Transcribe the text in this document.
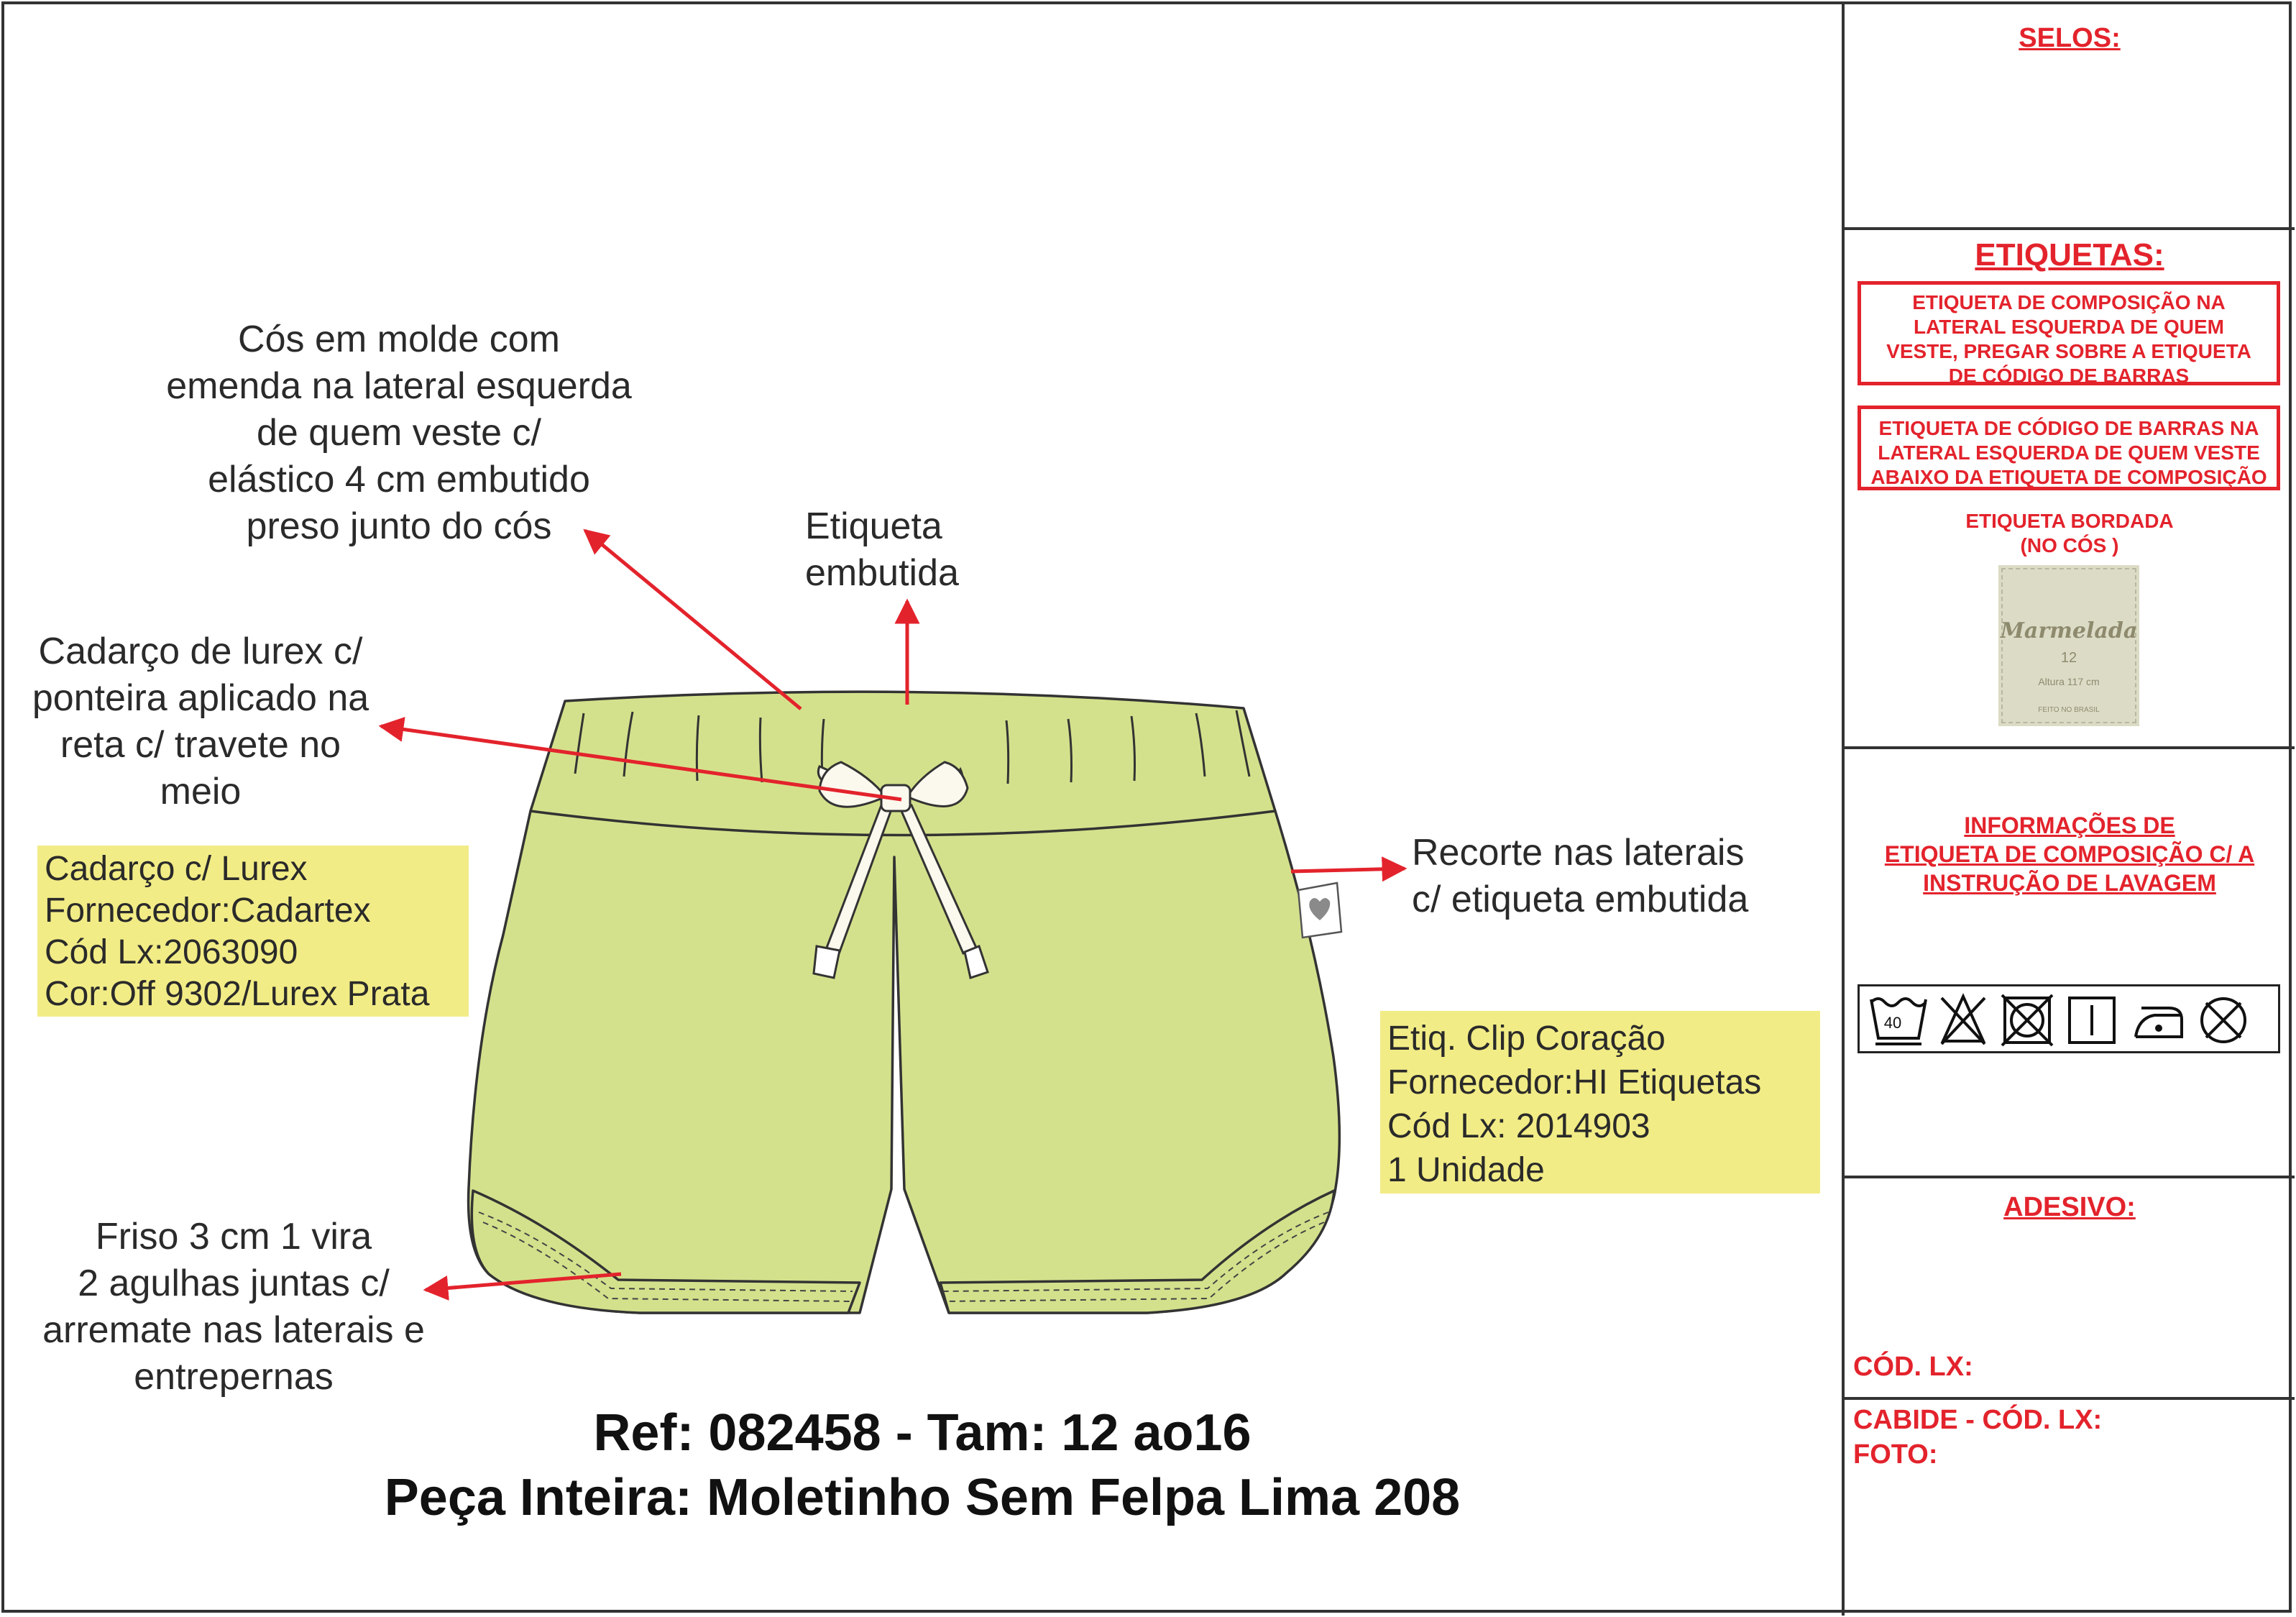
SELOS:
ETIQUETAS:
ETIQUETA DE COMPOSIÇÃO NA LATERAL ESQUERDA DE QUEM VESTE, PREGAR SOBRE A ETIQUETA DE CÓDIGO DE BARRAS
ETIQUETA DE CÓDIGO DE BARRAS NA LATERAL ESQUERDA DE QUEM VESTE ABAIXO DA ETIQUETA DE COMPOSIÇÃO
ETIQUETA BORDADA
(NO CÓS )
Marmelada
12
Altura 117 cm
FEITO NO BRASIL
INFORMAÇÕES DE
ETIQUETA DE COMPOSIÇÃO C/ A
INSTRUÇÃO DE LAVAGEM
40
ADESIVO:
CÓD. LX:
CABIDE - CÓD. LX:
FOTO:
Cós em molde com
emenda na lateral esquerda
de quem veste c/
elástico 4 cm embutido
preso junto do cós	Etiqueta
embutida
Cadarço de lurex c/
ponteira aplicado na
reta c/ travete no
meio
Recorte nas laterais
c/ etiqueta embutida
Friso 3 cm 1 vira
2 agulhas juntas c/
arremate nas laterais e
entrepernas
Cadarço c/ Lurex
Fornecedor:Cadartex
Cód Lx:2063090
Cor:Off 9302/Lurex Prata
Etiq. Clip Coração
Fornecedor:HI Etiquetas
Cód Lx: 2014903
1 Unidade
Ref: 082458 - Tam: 12 ao16
Peça Inteira: Moletinho Sem Felpa Lima 208
